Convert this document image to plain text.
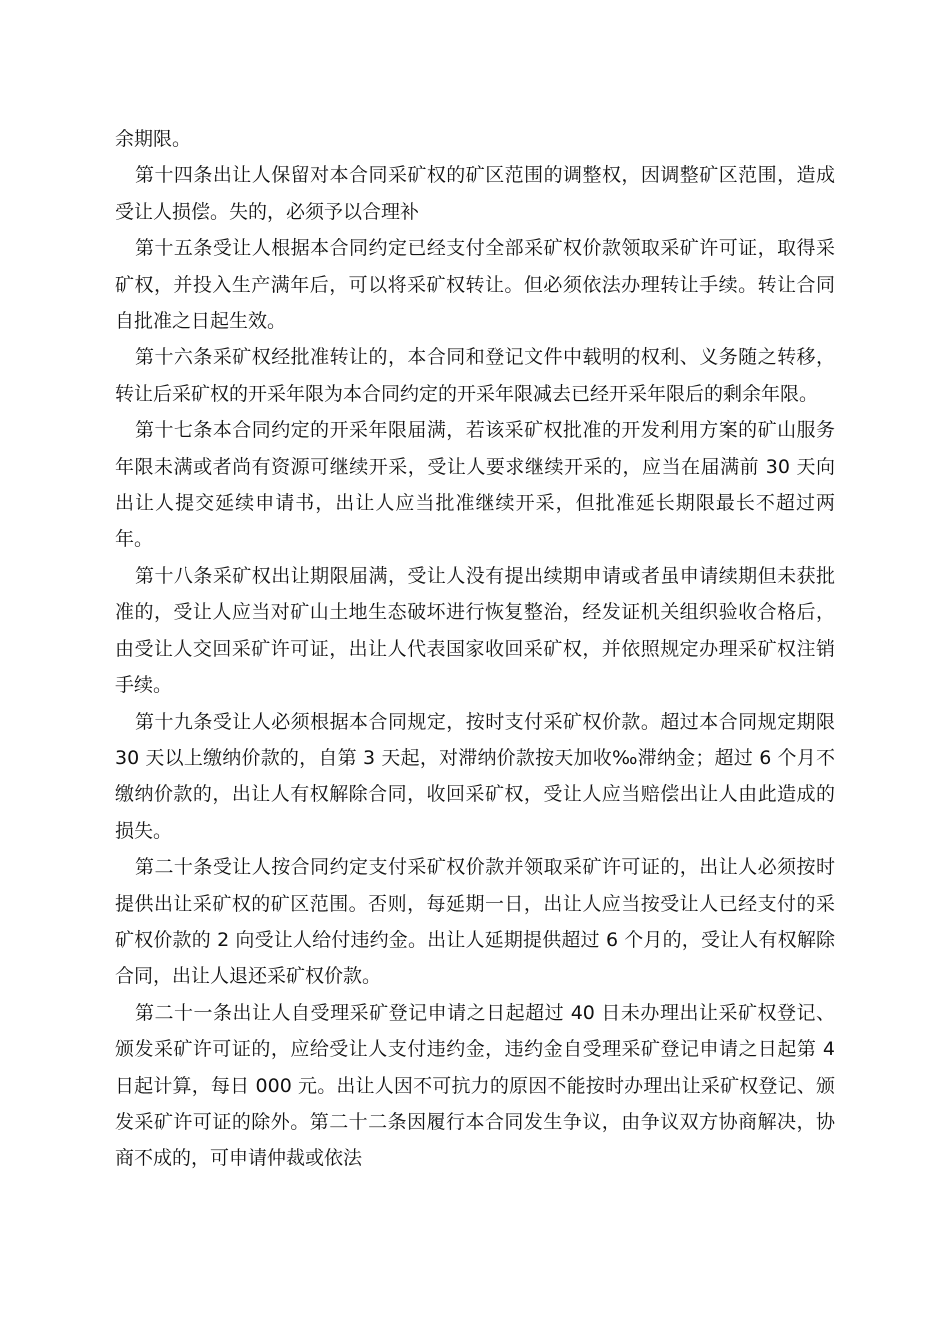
余期限。

第十四条出让人保留对本合同采矿权的矿区范围的调整权，因调整矿区范围，造成受让人损偿。失的，必须予以合理补

第十五条受让人根据本合同约定已经支付全部采矿权价款领取采矿许可证，取得采矿权，并投入生产满年后，可以将采矿权转让。但必须依法办理转让手续。转让合同自批准之日起生效。

第十六条采矿权经批准转让的，本合同和登记文件中载明的权利、义务随之转移，转让后采矿权的开采年限为本合同约定的开采年限减去已经开采年限后的剩余年限。

第十七条本合同约定的开采年限届满，若该采矿权批准的开发利用方案的矿山服务年限未满或者尚有资源可继续开采，受让人要求继续开采的，应当在届满前 30 天向出让人提交延续申请书，出让人应当批准继续开采，但批准延长期限最长不超过两年。

第十八条采矿权出让期限届满，受让人没有提出续期申请或者虽申请续期但未获批准的，受让人应当对矿山土地生态破坏进行恢复整治，经发证机关组织验收合格后，由受让人交回采矿许可证，出让人代表国家收回采矿权，并依照规定办理采矿权注销手续。

第十九条受让人必须根据本合同规定，按时支付采矿权价款。超过本合同规定期限 30 天以上缴纳价款的，自第 3 天起，对滞纳价款按天加收‰滞纳金；超过 6 个月不缴纳价款的，出让人有权解除合同，收回采矿权，受让人应当赔偿出让人由此造成的损失。

第二十条受让人按合同约定支付采矿权价款并领取采矿许可证的，出让人必须按时提供出让采矿权的矿区范围。否则，每延期一日，出让人应当按受让人已经支付的采矿权价款的 2 向受让人给付违约金。出让人延期提供超过 6 个月的，受让人有权解除合同，出让人退还采矿权价款。

第二十一条出让人自受理采矿登记申请之日起超过 40 日未办理出让采矿权登记、颁发采矿许可证的，应给受让人支付违约金，违约金自受理采矿登记申请之日起第 4 日起计算，每日 000 元。出让人因不可抗力的原因不能按时办理出让采矿权登记、颁发采矿许可证的除外。第二十二条因履行本合同发生争议，由争议双方协商解决，协商不成的，可申请仲裁或依法
